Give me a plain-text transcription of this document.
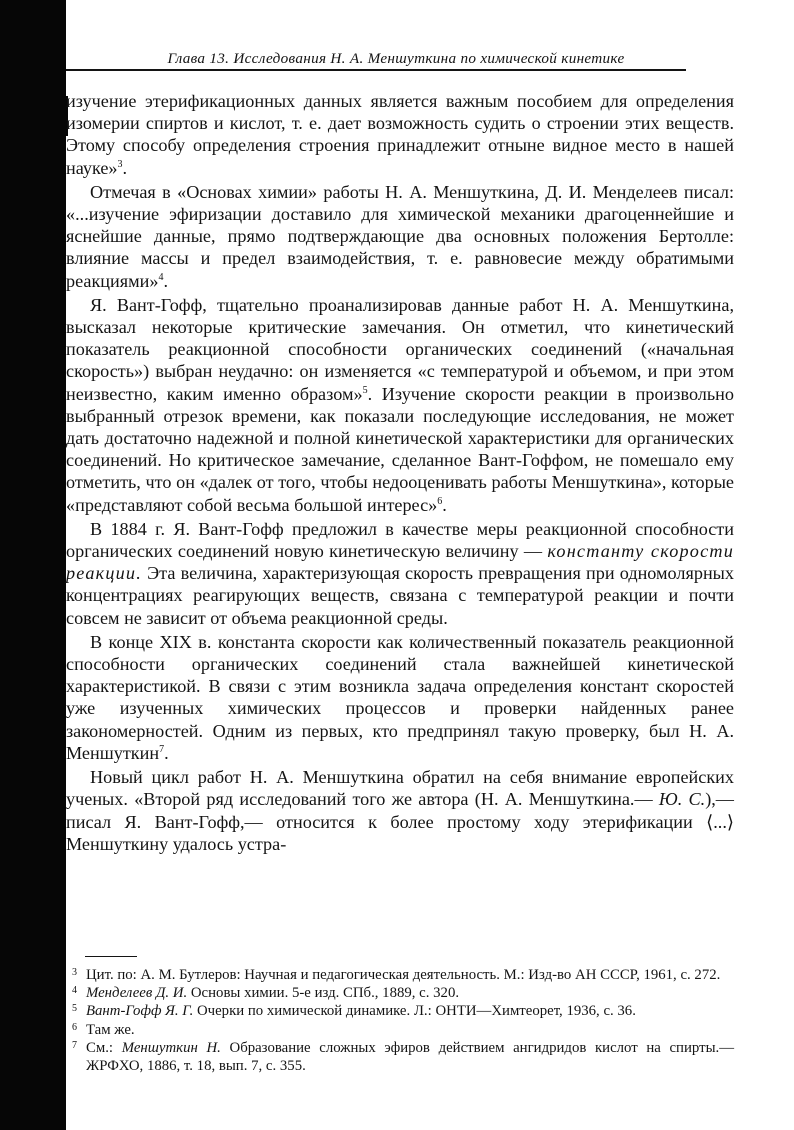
Глава 13. Исследования Н. А. Меншуткина по химической кинетике

изучение этерификационных данных является важным пособием для определения изомерии спиртов и кислот, т. е. дает возможность судить о строении этих веществ. Этому способу определения строения принадлежит отныне видное место в нашей науке»$^3$.

Отмечая в «Основах химии» работы Н. А. Меншуткина, Д. И. Менделеев писал: «...изучение эфиризации доставило для химической механики драгоценнейшие и яснейшие данные, прямо подтверждающие два основных положения Бертолле: влияние массы и предел взаимодействия, т. е. равновесие между обратимыми реакциями»$^4$.

Я. Вант-Гофф, тщательно проанализировав данные работ Н. А. Меншуткина, высказал некоторые критические замечания. Он отметил, что кинетический показатель реакционной способности органических соединений («начальная скорость») выбран неудачно: он изменяется «с температурой и объемом, и при этом неизвестно, каким именно образом»$^5$. Изучение скорости реакции в произвольно выбранный отрезок времени, как показали последующие исследования, не может дать достаточно надежной и полной кинетической характеристики для органических соединений. Но критическое замечание, сделанное Вант-Гоффом, не помешало ему отметить, что он «далек от того, чтобы недооценивать работы Меншуткина», которые «представляют собой весьма большой интерес»$^6$.

В 1884 г. Я. Вант-Гофф предложил в качестве меры реакционной способности органических соединений новую кинетическую величину — константу скорости реакции. Эта величина, характеризующая скорость превращения при одномолярных концентрациях реагирующих веществ, связана с температурой реакции и почти совсем не зависит от объема реакционной среды.

В конце XIX в. константа скорости как количественный показатель реакционной способности органических соединений стала важнейшей кинетической характеристикой. В связи с этим возникла задача определения констант скоростей уже изученных химических процессов и проверки найденных ранее закономерностей. Одним из первых, кто предпринял такую проверку, был Н. А. Меншуткин$^7$.

Новый цикл работ Н. А. Меншуткина обратил на себя внимание европейских ученых. «Второй ряд исследований того же автора (Н. А. Меншуткина.— Ю. С.),— писал Я. Вант-Гофф,— относится к более простому ходу этерификации ⟨...⟩ Меншуткину удалось устра-

3 Цит. по: А. М. Бутлеров: Научная и педагогическая деятельность. М.: Изд-во АН СССР, 1961, с. 272.

4 Менделеев Д. И. Основы химии. 5-е изд. СПб., 1889, с. 320.

5 Вант-Гофф Я. Г. Очерки по химической динамике. Л.: ОНТИ—Химтеорет, 1936, с. 36.

6 Там же.

7 См.: Меншуткин Н. Образование сложных эфиров действием ангидридов кислот на спирты.— ЖРФХО, 1886, т. 18, вып. 7, с. 355.
